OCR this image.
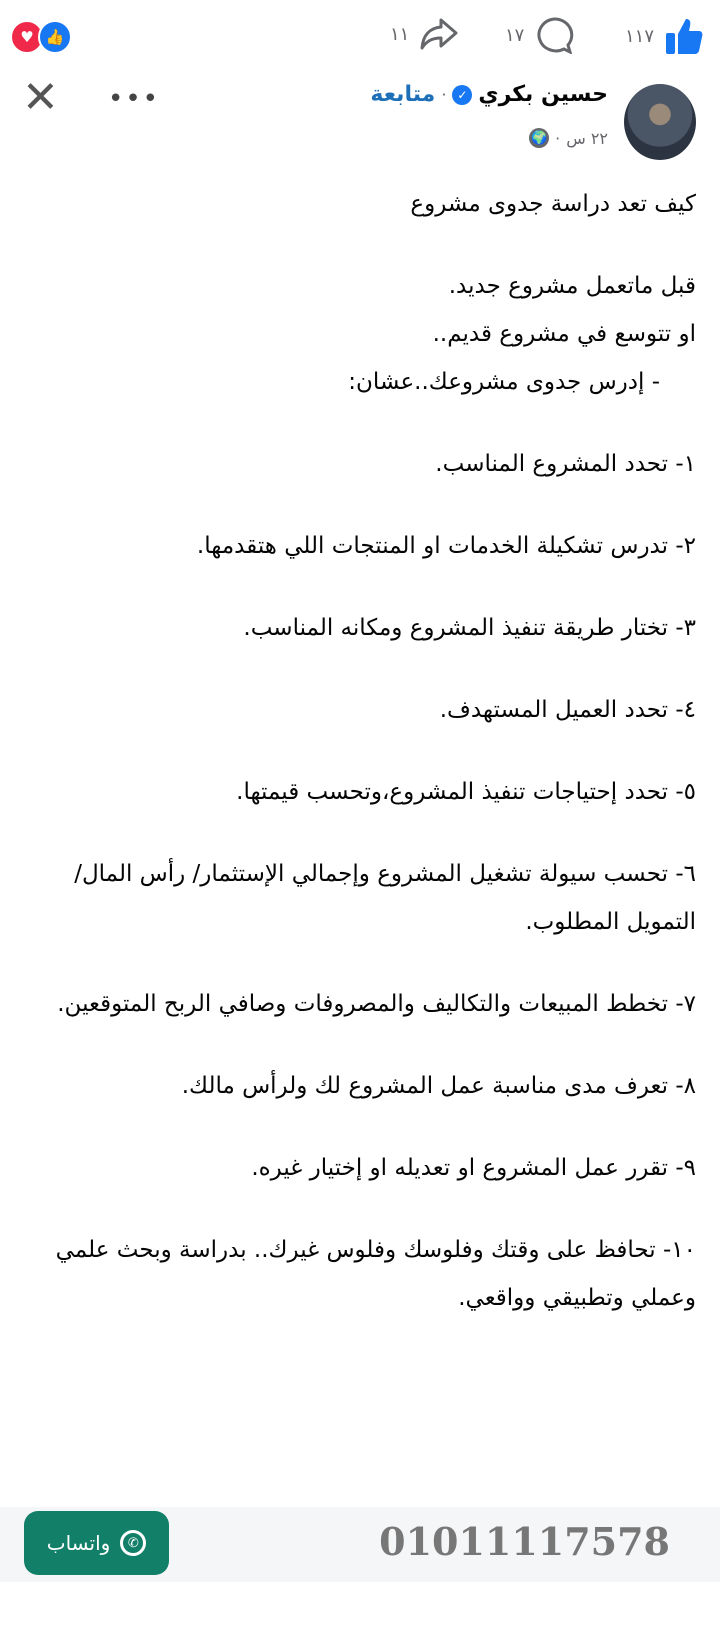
♥ 👍	١١	١٧	١١٧
حسين بكري
✓
·
متابعة
٢٢ س
·
🌍
•••
✕

كيف تعد دراسة جدوى مشروع

قبل ماتعمل مشروع جديد.

او تتوسع في مشروع قديم..

- إدرس جدوى مشروعك..عشان:

١- تحدد المشروع المناسب.

٢- تدرس تشكيلة الخدمات او المنتجات اللي هتقدمها.

٣- تختار طريقة تنفيذ المشروع ومكانه المناسب.

٤- تحدد العميل المستهدف.

٥- تحدد إحتياجات تنفيذ المشروع،وتحسب قيمتها.

٦- تحسب سيولة تشغيل المشروع وإجمالي الإستثمار/ رأس المال/ التمويل المطلوب.

٧- تخطط المبيعات والتكاليف والمصروفات وصافي الربح المتوقعين.

٨- تعرف مدى مناسبة عمل المشروع لك ولرأس مالك.

٩- تقرر عمل المشروع او تعديله او إختيار غيره.

١٠- تحافظ على وقتك وفلوسك وفلوس غيرك.. بدراسة وبحث علمي وعملي وتطبيقي وواقعي.

✆
واتساب	01011117578
